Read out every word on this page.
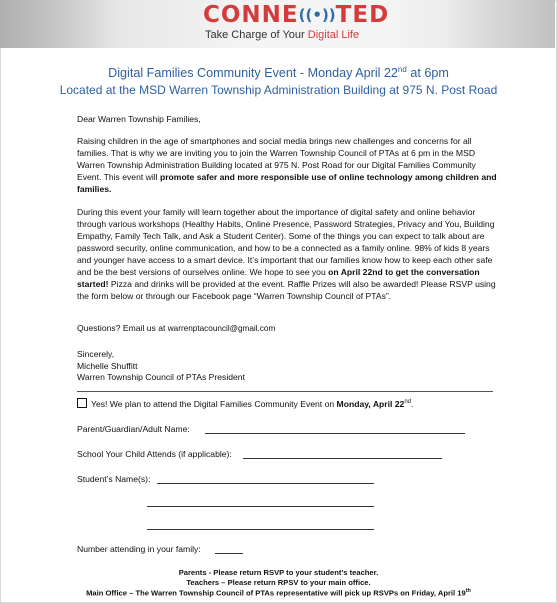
CONNE((•))TED
Take Charge of Your Digital Life
Digital Families Community Event - Monday April 22nd at 6pm
Located at the MSD Warren Township Administration Building at 975 N. Post Road
Dear Warren Township Families,
Raising children in the age of smartphones and social media brings new challenges and concerns for all families. That is why we are inviting you to join the Warren Township Council of PTAs at 6 pm in the MSD Warren Township Administration Building located at 975 N. Post Road for our Digital Families Community Event. This event will promote safer and more responsible use of online technology among children and families.
During this event your family will learn together about the importance of digital safety and online behavior through various workshops (Healthy Habits, Online Presence, Password Strategies, Privacy and You, Building Empathy, Family Tech Talk, and Ask a Student Center). Some of the things you can expect to talk about are password security, online communication, and how to be a connected as a family online. 98% of kids 8 years and younger have access to a smart device. It’s important that our families know how to keep each other safe and be the best versions of ourselves online. We hope to see you on April 22nd to get the conversation started! Pizza and drinks will be provided at the event. Raffle Prizes will also be awarded! Please RSVP using the form below or through our Facebook page “Warren Township Council of PTAs”.
Questions? Email us at warrenptacouncil@gmail.com
Sincerely,
Michelle Shuffitt
Warren Township Council of PTAs President
Yes! We plan to attend the Digital Families Community Event on Monday, April 22nd.
Parent/Guardian/Adult Name:
School Your Child Attends (if applicable):
Student’s Name(s):
Number attending in your family:
Parents - Please return RSVP to your student’s teacher.
Teachers – Please return RPSV to your main office.
Main Office – The Warren Township Council of PTAs representative will pick up RSVPs on Friday, April 19th
